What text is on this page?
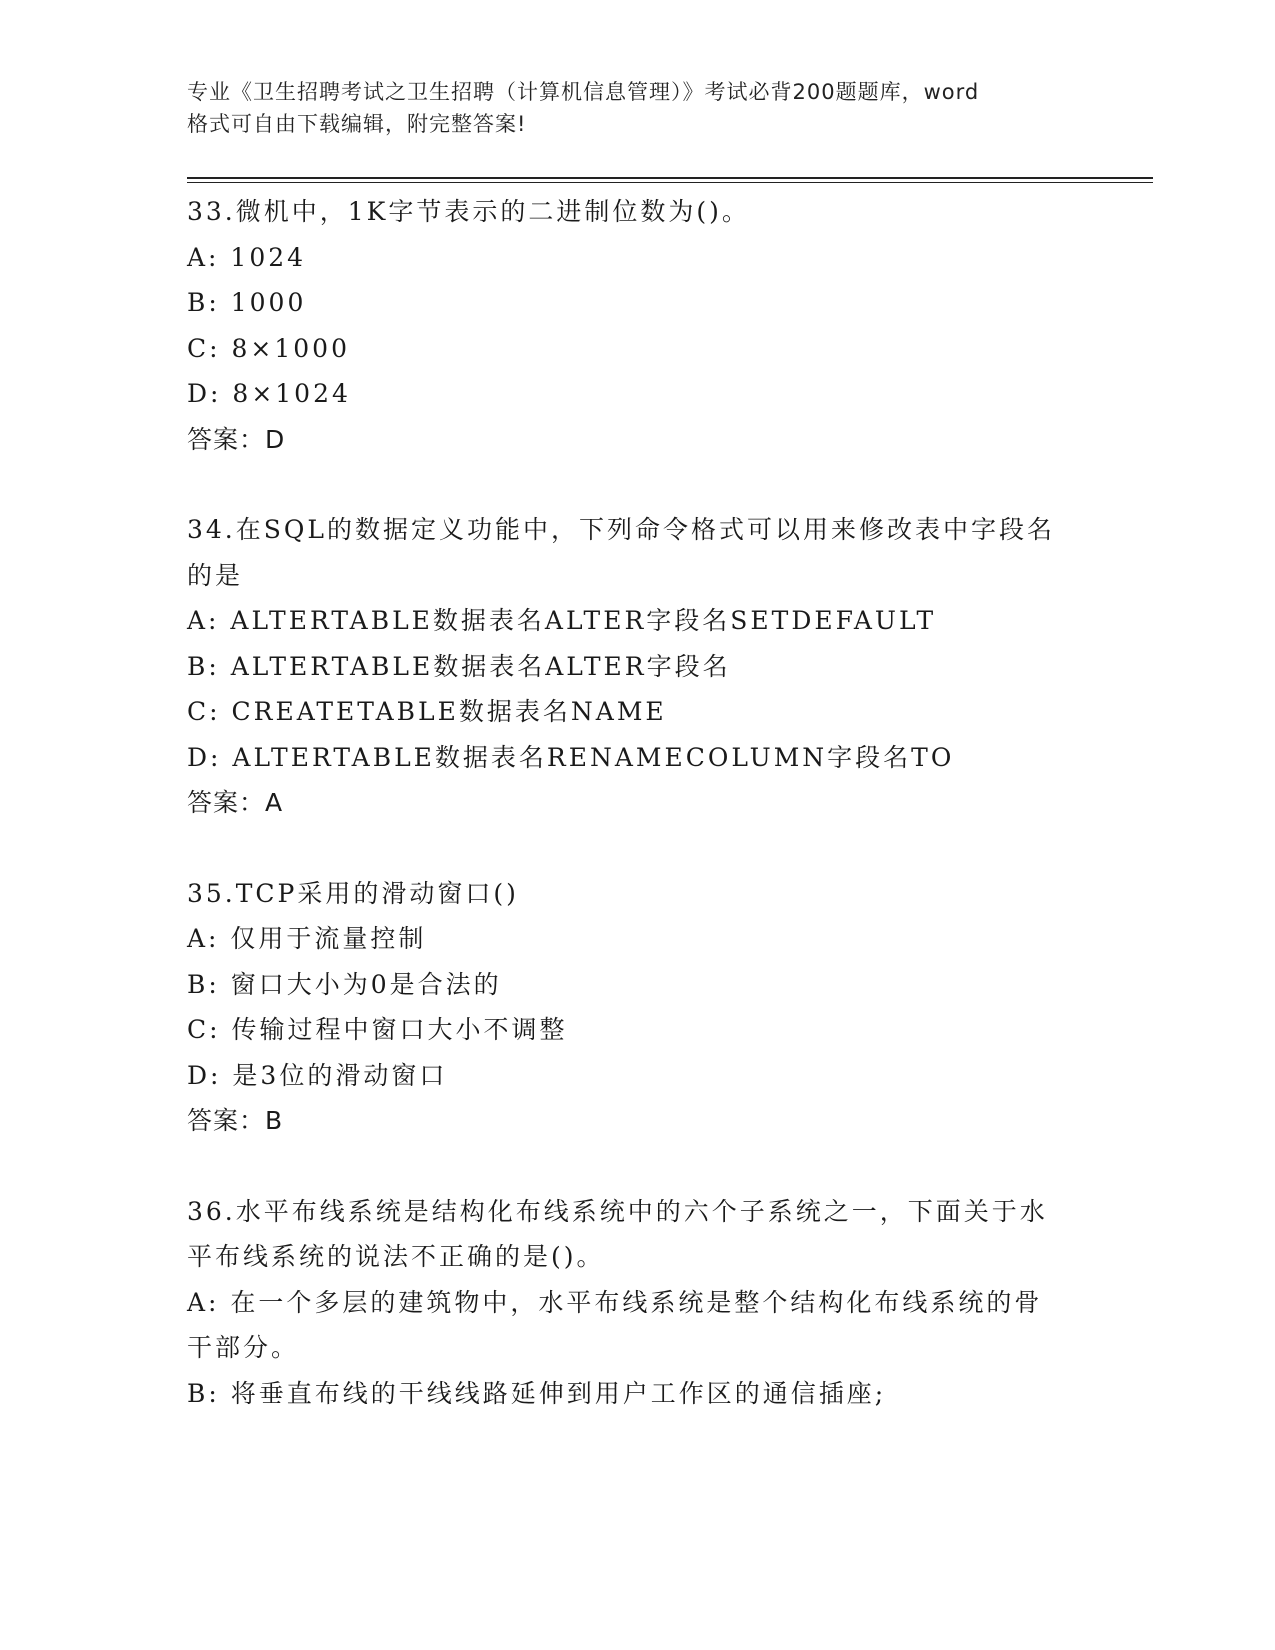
专业《卫生招聘考试之卫生招聘（计算机信息管理）》考试必背200题题库，word
格式可自由下载编辑，附完整答案!

33.微机中，1K字节表示的二进制位数为()。

A: 1024

B: 1000

C: 8×1000

D: 8×1024

答案：D

34.在SQL的数据定义功能中，下列命令格式可以用来修改表中字段名

的是

A: ALTERTABLE数据表名ALTER字段名SETDEFAULT

B: ALTERTABLE数据表名ALTER字段名

C: CREATETABLE数据表名NAME

D: ALTERTABLE数据表名RENAMECOLUMN字段名TO

答案：A

35.TCP采用的滑动窗口()

A: 仅用于流量控制

B: 窗口大小为0是合法的

C: 传输过程中窗口大小不调整

D: 是3位的滑动窗口

答案：B

36.水平布线系统是结构化布线系统中的六个子系统之一，下面关于水

平布线系统的说法不正确的是()。

A: 在一个多层的建筑物中，水平布线系统是整个结构化布线系统的骨

干部分。

B: 将垂直布线的干线线路延伸到用户工作区的通信插座;
